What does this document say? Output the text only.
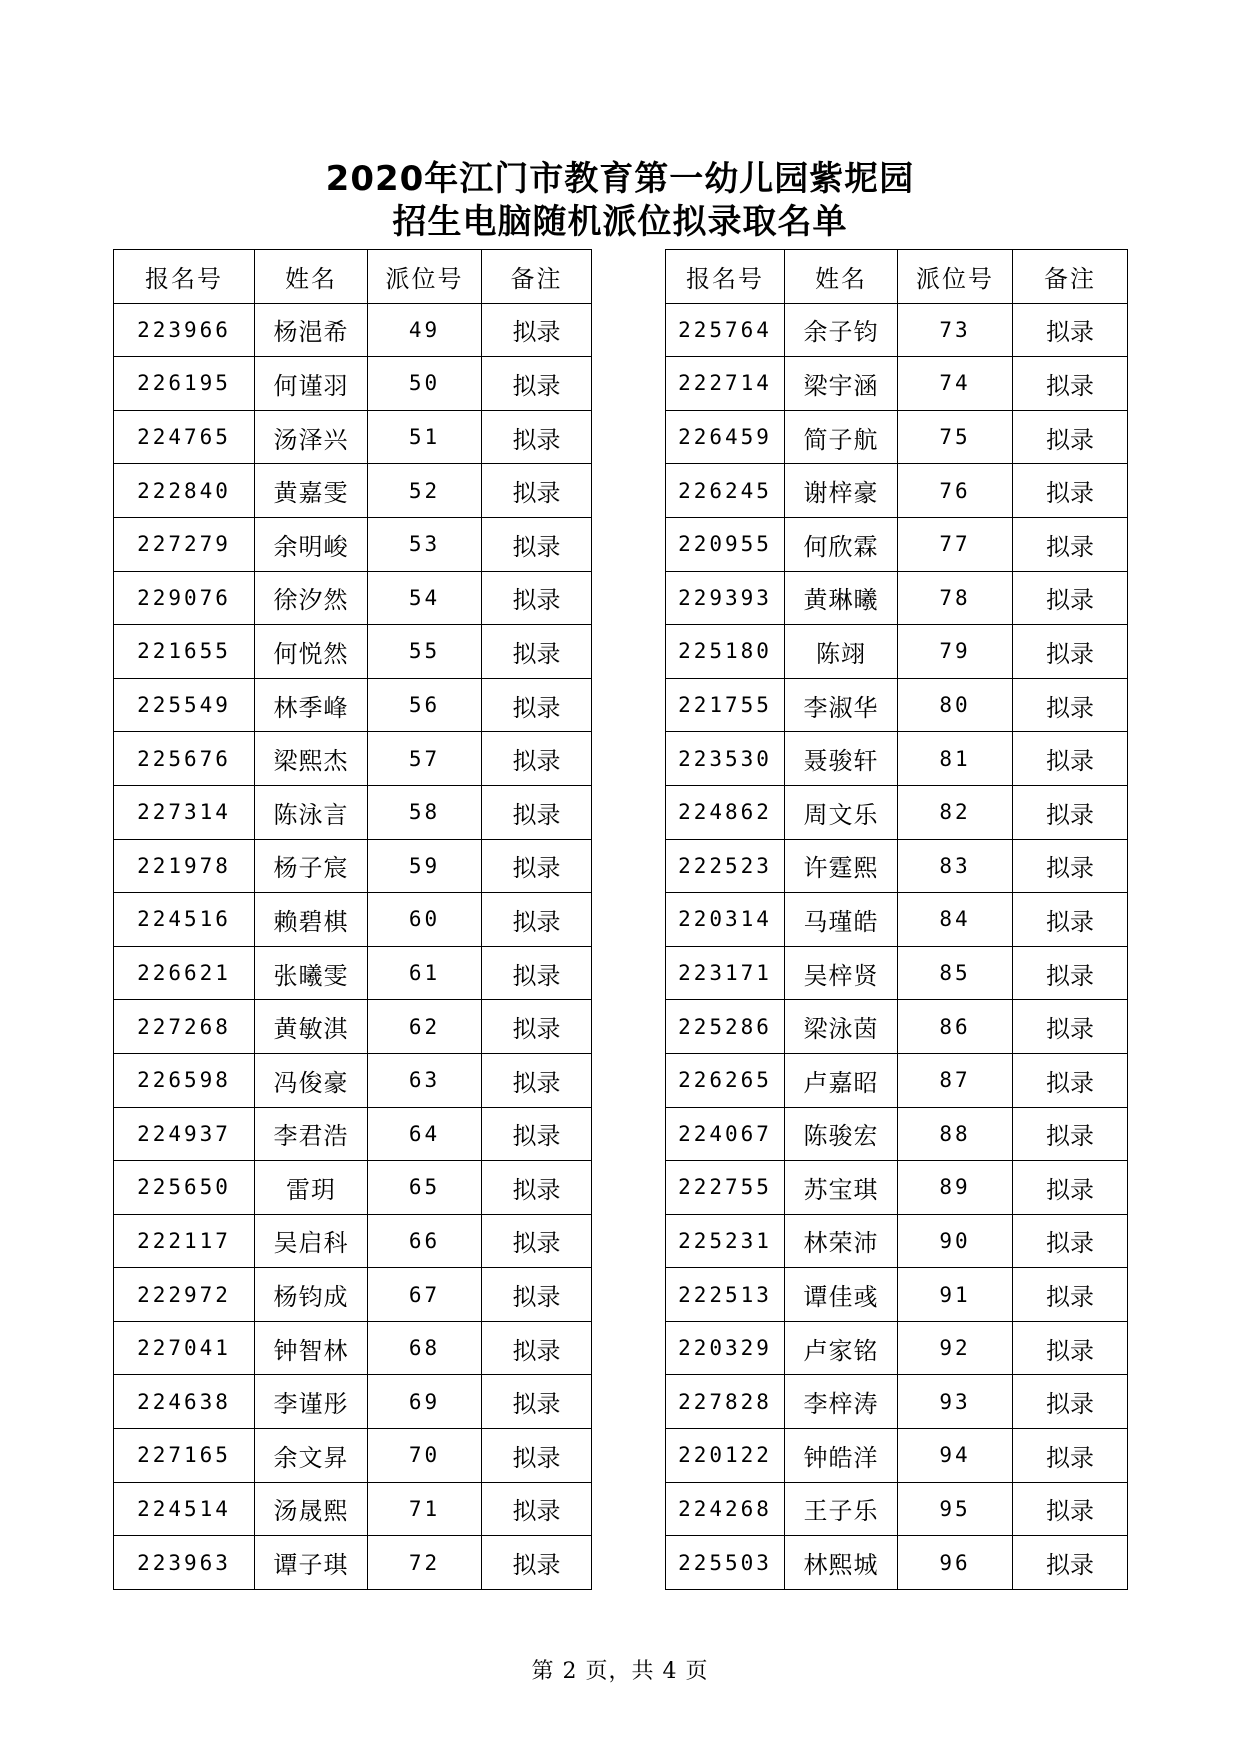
2020年江门市教育第一幼儿园紫坭园
招生电脑随机派位拟录取名单
报名号	姓名	派位号	备注
223966	杨浥希	49	拟录
226195	何谨羽	50	拟录
224765	汤泽兴	51	拟录
222840	黄嘉雯	52	拟录
227279	余明峻	53	拟录
229076	徐汐然	54	拟录
221655	何悦然	55	拟录
225549	林季峰	56	拟录
225676	梁熙杰	57	拟录
227314	陈泳言	58	拟录
221978	杨子宸	59	拟录
224516	赖碧棋	60	拟录
226621	张曦雯	61	拟录
227268	黄敏淇	62	拟录
226598	冯俊豪	63	拟录
224937	李君浩	64	拟录
225650	雷玥	65	拟录
222117	吴启科	66	拟录
222972	杨钧成	67	拟录
227041	钟智林	68	拟录
224638	李谨彤	69	拟录
227165	余文昇	70	拟录
224514	汤晟熙	71	拟录
223963	谭子琪	72	拟录
报名号	姓名	派位号	备注
225764	余子钧	73	拟录
222714	梁宇涵	74	拟录
226459	简子航	75	拟录
226245	谢梓豪	76	拟录
220955	何欣霖	77	拟录
229393	黄琳曦	78	拟录
225180	陈翊	79	拟录
221755	李淑华	80	拟录
223530	聂骏轩	81	拟录
224862	周文乐	82	拟录
222523	许霆熙	83	拟录
220314	马瑾皓	84	拟录
223171	吴梓贤	85	拟录
225286	梁泳茵	86	拟录
226265	卢嘉昭	87	拟录
224067	陈骏宏	88	拟录
222755	苏宝琪	89	拟录
225231	林荣沛	90	拟录
222513	谭佳彧	91	拟录
220329	卢家铭	92	拟录
227828	李梓涛	93	拟录
220122	钟皓洋	94	拟录
224268	王子乐	95	拟录
225503	林熙城	96	拟录
第 2 页，共 4 页
